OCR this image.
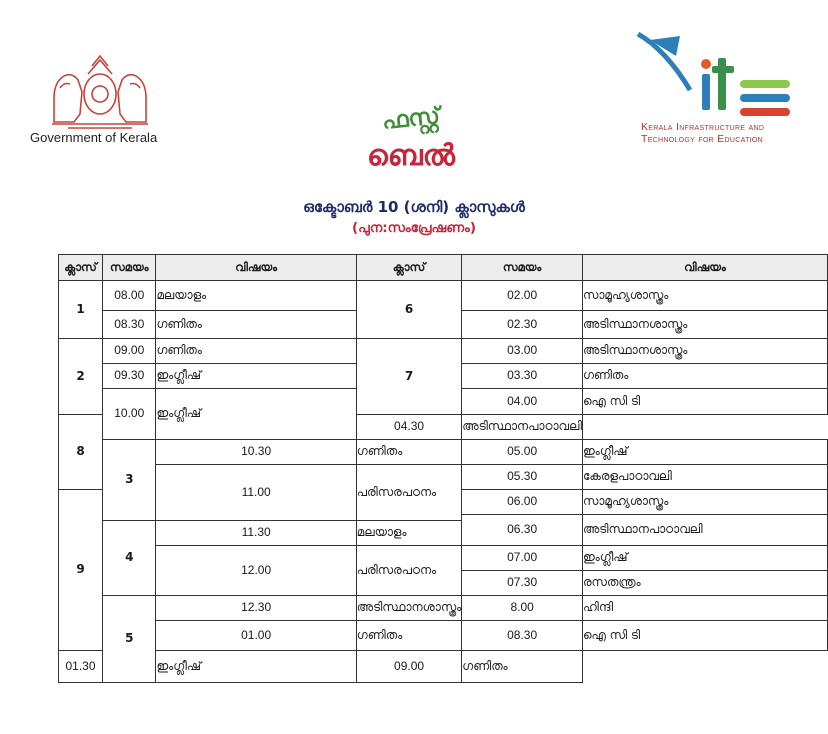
Government of Kerala
Kerala Infrastructure and
Technology for Education
ഫസ്റ്റ്
ബെൽ
ഒക്ടോബർ 10 (ശനി) ക്ലാസുകൾ
(പുന:സംപ്രേഷണം)
ക്ലാസ്	സമയം	വിഷയം	ക്ലാസ്	സമയം	വിഷയം
1	08.00	മലയാളം	6	02.00	സാമൂഹ്യശാസ്ത്രം
	08.30	ഗണിതം		02.30	അടിസ്ഥാനശാസ്ത്രം
2	09.00	ഗണിതം	7	03.00	അടിസ്ഥാനശാസ്ത്രം
	09.30	ഇംഗ്ലീഷ്		03.30	ഗണിതം
	10.00	ഇംഗ്ലീഷ്		04.00	ഐ സി ടി
8			04.30	അടിസ്ഥാനപാഠാവലി	
	3	10.30	ഗണിതം	05.00	ഇംഗ്ലീഷ്
		11.00	പരിസരപഠനം	05.30	കേരളപാഠാവലി
9				06.00	സാമൂഹ്യശാസ്ത്രം
				06.30	അടിസ്ഥാനപാഠാവലി
	4	11.30	മലയാളം		
		12.00	പരിസരപഠനം	07.00	ഇംഗ്ലീഷ്
				07.30	രസതന്ത്രം
	5	12.30	അടിസ്ഥാനശാസ്ത്രം	8.00	ഹിന്ദി
		01.00	ഗണിതം	08.30	ഐ സി ടി
01.30		ഇംഗ്ലീഷ്	09.00	ഗണിതം	
